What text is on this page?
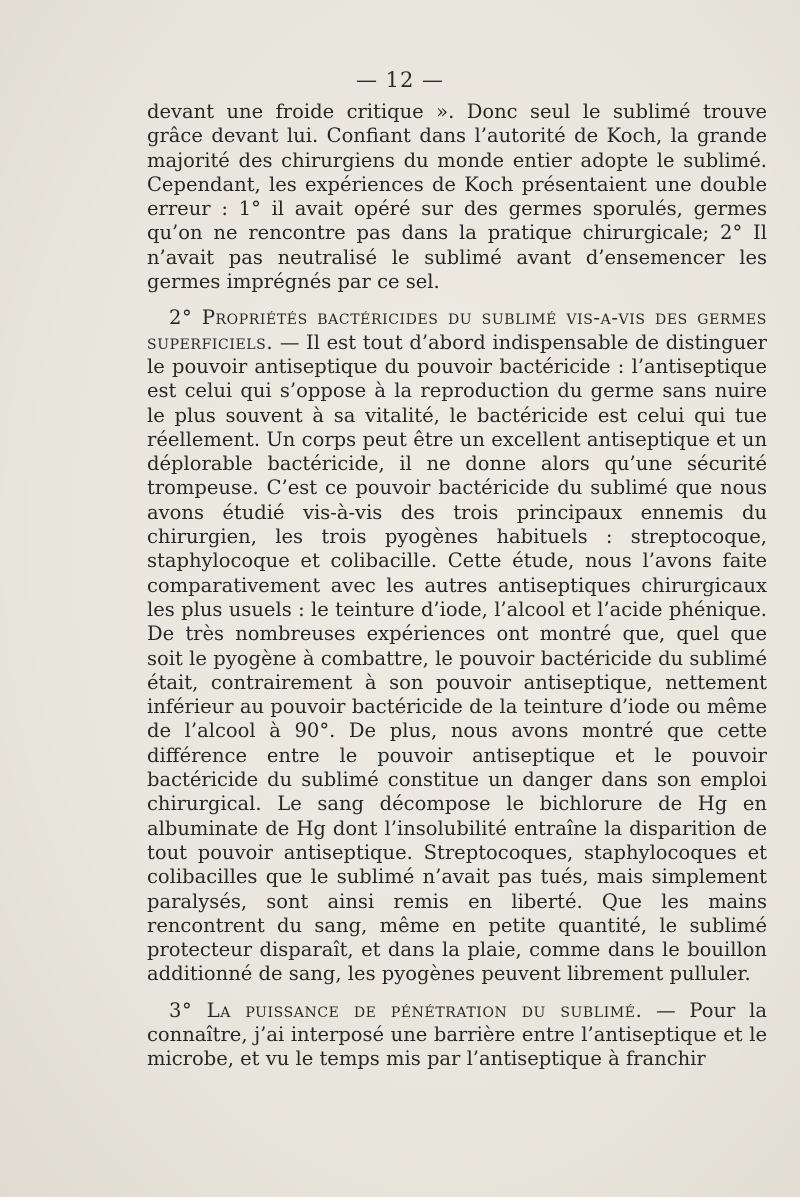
— 12 —

devant une froide critique ». Donc seul le sublimé trouve grâce devant lui. Confiant dans l’autorité de Koch, la grande majorité des chirurgiens du monde entier adopte le sublimé. Cependant, les expériences de Koch présentaient une double erreur : 1° il avait opéré sur des germes sporulés, germes qu’on ne rencontre pas dans la pratique chirurgicale; 2° Il n’avait pas neutralisé le sublimé avant d’ensemencer les germes imprégnés par ce sel.

2° Propriétés bactéricides du sublimé vis-a-vis des germes superficiels. — Il est tout d’abord indispensable de distinguer le pouvoir antiseptique du pouvoir bactéricide : l’antiseptique est celui qui s’oppose à la reproduction du germe sans nuire le plus souvent à sa vitalité, le bactéricide est celui qui tue réellement. Un corps peut être un excellent antiseptique et un déplorable bactéricide, il ne donne alors qu’une sécurité trompeuse. C’est ce pouvoir bactéricide du sublimé que nous avons étudié vis-à-vis des trois principaux ennemis du chirurgien, les trois pyogènes habituels : streptocoque, staphylocoque et colibacille. Cette étude, nous l’avons faite comparativement avec les autres antiseptiques chirurgicaux les plus usuels : le teinture d’iode, l’alcool et l’acide phénique. De très nombreuses expériences ont montré que, quel que soit le pyogène à combattre, le pouvoir bactéricide du sublimé était, contrairement à son pouvoir antiseptique, nettement inférieur au pouvoir bactéricide de la teinture d’iode ou même de l’alcool à 90°. De plus, nous avons montré que cette différence entre le pouvoir antiseptique et le pouvoir bactéricide du sublimé constitue un danger dans son emploi chirurgical. Le sang décompose le bichlorure de Hg en albuminate de Hg dont l’insolubilité entraîne la disparition de tout pouvoir antiseptique. Streptocoques, staphylocoques et colibacilles que le sublimé n’avait pas tués, mais simplement paralysés, sont ainsi remis en liberté. Que les mains rencontrent du sang, même en petite quantité, le sublimé protecteur disparaît, et dans la plaie, comme dans le bouillon additionné de sang, les pyogènes peuvent librement pulluler.

3° La puissance de pénétration du sublimé. — Pour la connaître, j’ai interposé une barrière entre l’antiseptique et le microbe, et vu le temps mis par l’antiseptique à franchir
